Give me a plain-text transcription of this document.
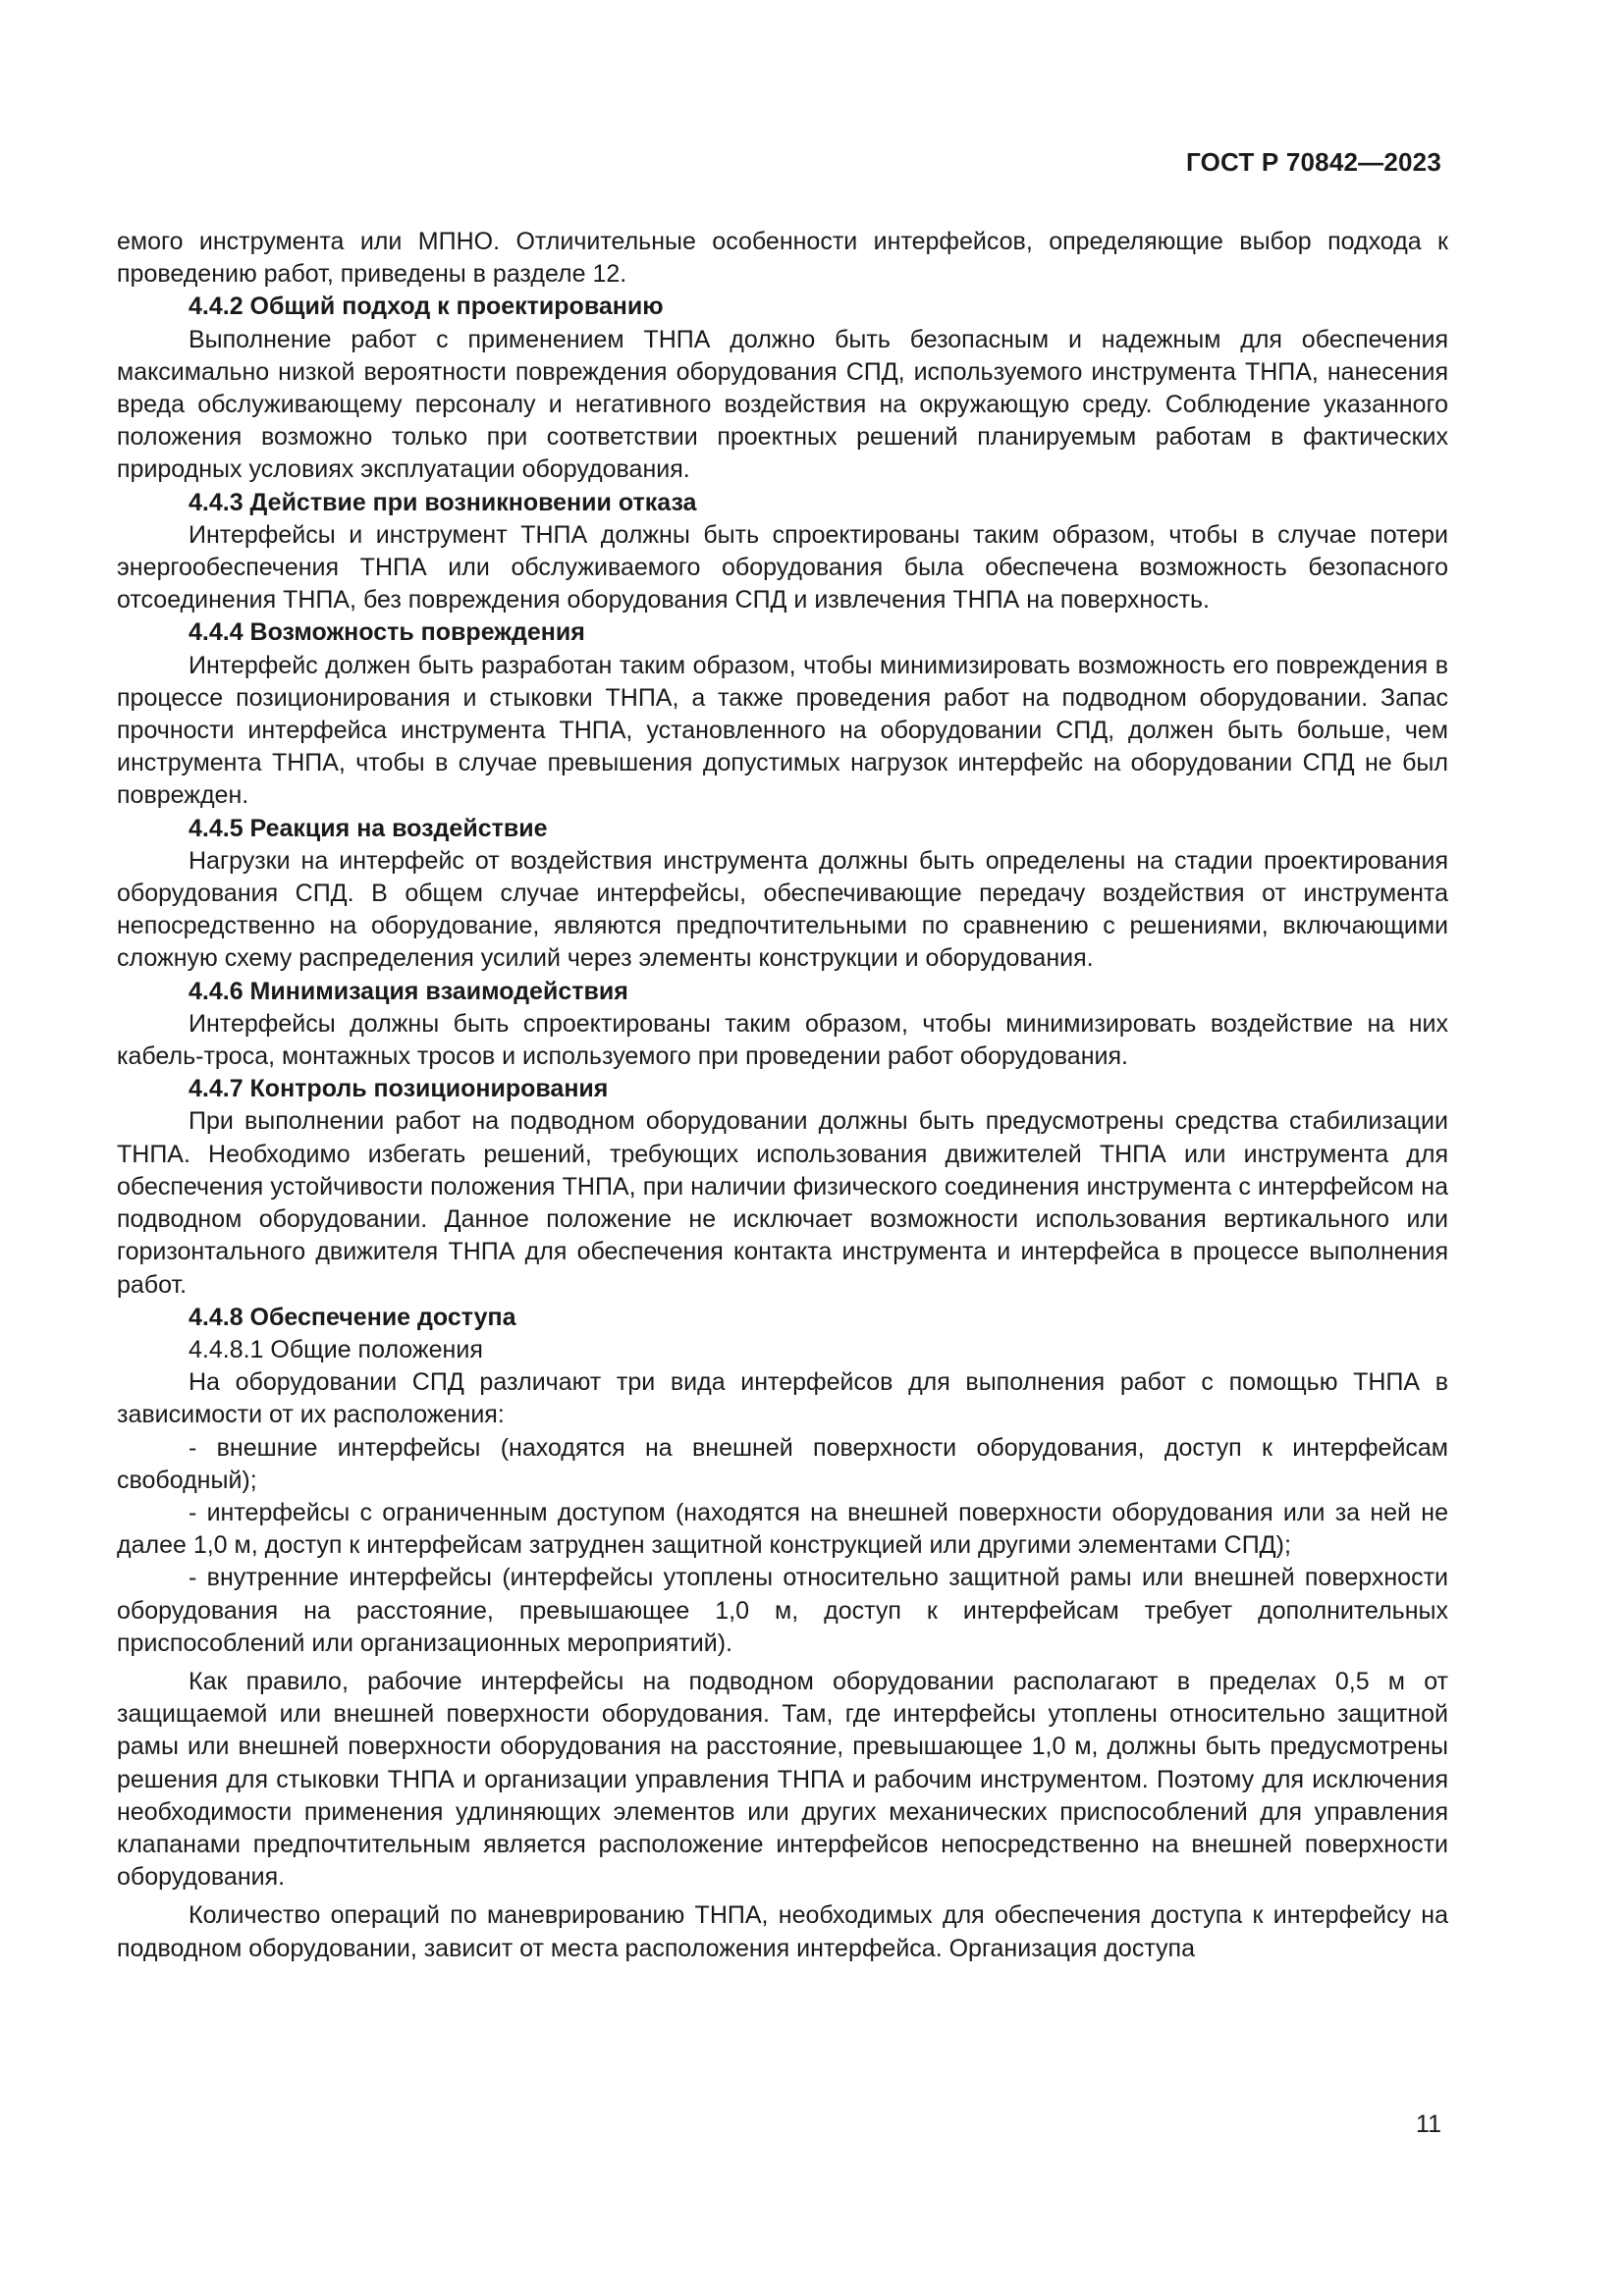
ГОСТ Р 70842—2023

емого инструмента или МПНО. Отличительные особенности интерфейсов, определяющие выбор подхода к проведению работ, приведены в разделе 12.

4.4.2 Общий подход к проектированию

Выполнение работ с применением ТНПА должно быть безопасным и надежным для обеспечения максимально низкой вероятности повреждения оборудования СПД, используемого инструмента ТНПА, нанесения вреда обслуживающему персоналу и негативного воздействия на окружающую среду. Соблюдение указанного положения возможно только при соответствии проектных решений планируемым работам в фактических природных условиях эксплуатации оборудования.

4.4.3 Действие при возникновении отказа

Интерфейсы и инструмент ТНПА должны быть спроектированы таким образом, чтобы в случае потери энергообеспечения ТНПА или обслуживаемого оборудования была обеспечена возможность безопасного отсоединения ТНПА, без повреждения оборудования СПД и извлечения ТНПА на поверхность.

4.4.4 Возможность повреждения

Интерфейс должен быть разработан таким образом, чтобы минимизировать возможность его повреждения в процессе позиционирования и стыковки ТНПА, а также проведения работ на подводном оборудовании. Запас прочности интерфейса инструмента ТНПА, установленного на оборудовании СПД, должен быть больше, чем инструмента ТНПА, чтобы в случае превышения допустимых нагрузок интерфейс на оборудовании СПД не был поврежден.

4.4.5 Реакция на воздействие

Нагрузки на интерфейс от воздействия инструмента должны быть определены на стадии проектирования оборудования СПД. В общем случае интерфейсы, обеспечивающие передачу воздействия от инструмента непосредственно на оборудование, являются предпочтительными по сравнению с решениями, включающими сложную схему распределения усилий через элементы конструкции и оборудования.

4.4.6 Минимизация взаимодействия

Интерфейсы должны быть спроектированы таким образом, чтобы минимизировать воздействие на них кабель-троса, монтажных тросов и используемого при проведении работ оборудования.

4.4.7 Контроль позиционирования

При выполнении работ на подводном оборудовании должны быть предусмотрены средства стабилизации ТНПА. Необходимо избегать решений, требующих использования движителей ТНПА или инструмента для обеспечения устойчивости положения ТНПА, при наличии физического соединения инструмента с интерфейсом на подводном оборудовании. Данное положение не исключает возможности использования вертикального или горизонтального движителя ТНПА для обеспечения контакта инструмента и интерфейса в процессе выполнения работ.

4.4.8 Обеспечение доступа

4.4.8.1 Общие положения

На оборудовании СПД различают три вида интерфейсов для выполнения работ с помощью ТНПА в зависимости от их расположения:

- внешние интерфейсы (находятся на внешней поверхности оборудования, доступ к интерфейсам свободный);

- интерфейсы с ограниченным доступом (находятся на внешней поверхности оборудования или за ней не далее 1,0 м, доступ к интерфейсам затруднен защитной конструкцией или другими элементами СПД);

- внутренние интерфейсы (интерфейсы утоплены относительно защитной рамы или внешней поверхности оборудования на расстояние, превышающее 1,0 м, доступ к интерфейсам требует дополнительных приспособлений или организационных мероприятий).

Как правило, рабочие интерфейсы на подводном оборудовании располагают в пределах 0,5 м от защищаемой или внешней поверхности оборудования. Там, где интерфейсы утоплены относительно защитной рамы или внешней поверхности оборудования на расстояние, превышающее 1,0 м, должны быть предусмотрены решения для стыковки ТНПА и организации управления ТНПА и рабочим инструментом. Поэтому для исключения необходимости применения удлиняющих элементов или других механических приспособлений для управления клапанами предпочтительным является расположение интерфейсов непосредственно на внешней поверхности оборудования.

Количество операций по маневрированию ТНПА, необходимых для обеспечения доступа к интерфейсу на подводном оборудовании, зависит от места расположения интерфейса. Организация доступа

11
